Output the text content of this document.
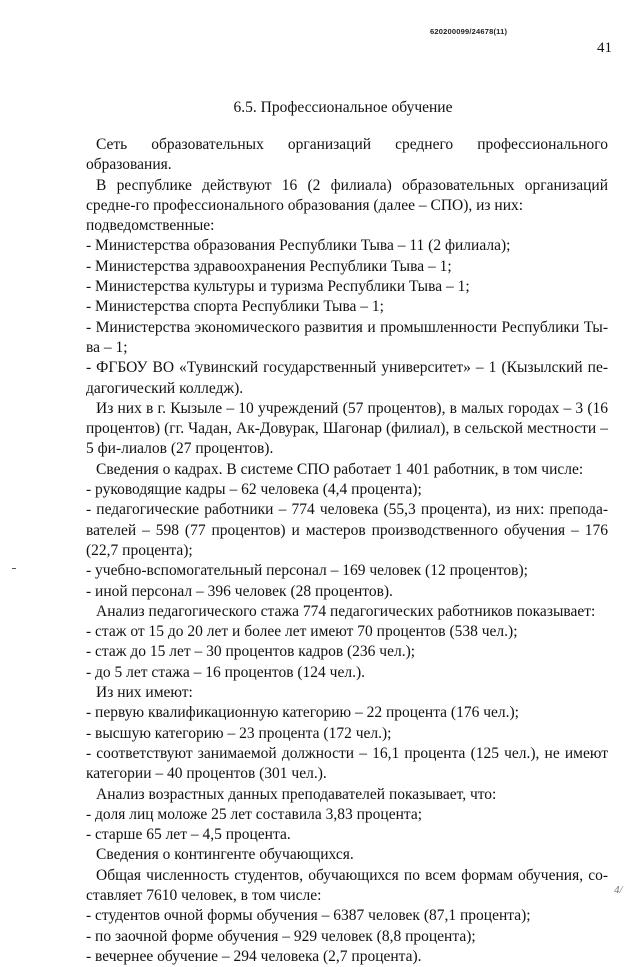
620200099/24678(11)
41
6.5. Профессиональное обучение

Сеть образовательных организаций среднего профессионального образования.

В республике действуют 16 (2 филиала) образовательных организаций средне-го профессионального образования (далее – СПО), из них:

подведомственные:

- Министерства образования Республики Тыва – 11 (2 филиала);

- Министерства здравоохранения Республики Тыва – 1;

- Министерства культуры и туризма Республики Тыва – 1;

- Министерства спорта Республики Тыва – 1;

- Министерства экономического развития и промышленности Республики Ты-ва – 1;

- ФГБОУ ВО «Тувинский государственный университет» – 1 (Кызылский пе-дагогический колледж).

Из них в г. Кызыле – 10 учреждений (57 процентов), в малых городах – 3 (16 процентов) (гг. Чадан, Ак-Довурак, Шагонар (филиал), в сельской местности – 5 фи-лиалов (27 процентов).

Сведения о кадрах. В системе СПО работает 1 401 работник, в том числе:

- руководящие кадры – 62 человека (4,4 процента);

- педагогические работники – 774 человека (55,3 процента), из них: препода-вателей – 598 (77 процентов) и мастеров производственного обучения – 176 (22,7 процента);

- учебно-вспомогательный персонал – 169 человек (12 процентов);

- иной персонал – 396 человек (28 процентов).

Анализ педагогического стажа 774 педагогических работников показывает:

- стаж от 15 до 20 лет и более лет имеют 70 процентов (538 чел.);

- стаж до 15 лет – 30 процентов кадров (236 чел.);

- до 5 лет стажа – 16 процентов (124 чел.).

Из них имеют:

- первую квалификационную категорию – 22 процента (176 чел.);

- высшую категорию – 23 процента (172 чел.);

- соответствуют занимаемой должности – 16,1 процента (125 чел.), не имеют категории – 40 процентов (301 чел.).

Анализ возрастных данных преподавателей показывает, что:

- доля лиц моложе 25 лет составила 3,83 процента;

- старше 65 лет – 4,5 процента.

Сведения о контингенте обучающихся.

Общая численность студентов, обучающихся по всем формам обучения, со-ставляет 7610 человек, в том числе:

- студентов очной формы обучения – 6387 человек (87,1 процента);

- по заочной форме обучения – 929 человек (8,8 процента);

- вечернее обучение – 294 человека (2,7 процента).

4/
